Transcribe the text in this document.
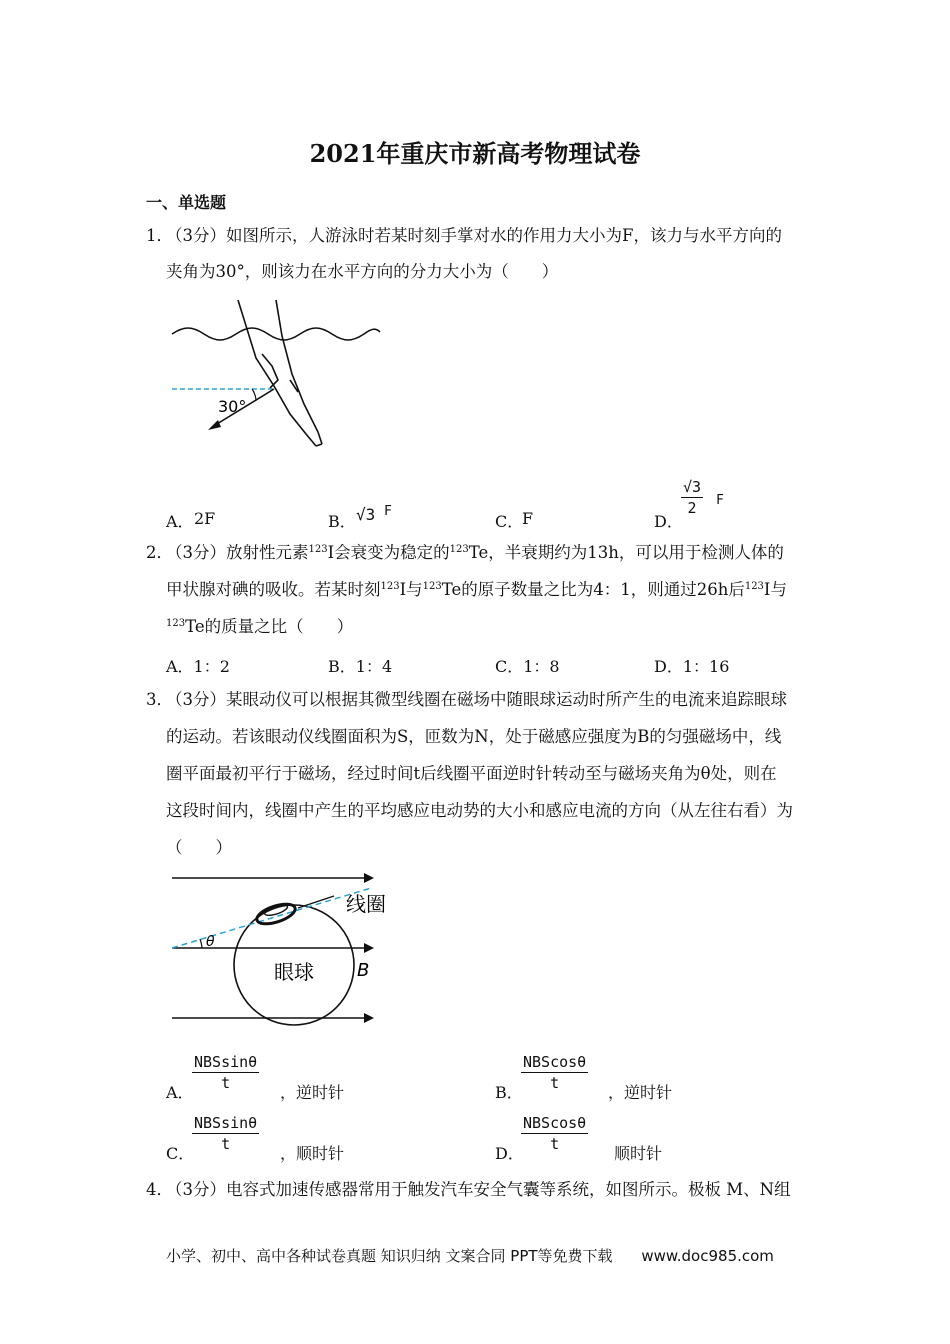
2021年重庆市新高考物理试卷
一、单选题
1．
（3分）如图所示，人游泳时若某时刻手掌对水的作用力大小为F，该力与水平方向的
夹角为30°，则该力在水平方向的分力大小为（　　）
30°
A． 2F	B． √3 F
C．
F	D．
$\frac{√3}{2}$ F
2．
（3分）放射性元素$^{123}$I会衰变为稳定的$^{123}$Te，半衰期约为13h，可以用于检测人体的
甲状腺对碘的吸收。若某时刻$^{123}$I与$^{123}$Te的原子数量之比为4：1，则通过26h后$^{123}$I与
$^{123}$Te的质量之比（　　）
A．1：2	B．1：4	C．1：8	D．1：16
3．
（3分）某眼动仪可以根据其微型线圈在磁场中随眼球运动时所产生的电流来追踪眼球
的运动。若该眼动仪线圈面积为S，匝数为N，处于磁感应强度为B的匀强磁场中，线
圈平面最初平行于磁场，经过时间t后线圈平面逆时针转动至与磁场夹角为θ处，则在
这段时间内，线圈中产生的平均感应电动势的大小和感应电流的方向（从左往右看）为
（　　）
θ
线圈
眼球 B
A．
NBSsinθ
t	，逆时针	B．
NBScosθ
t	，逆时针
C．
NBSsinθ
t	，顺时针	D．
NBScosθ
t	顺时针
4．
（3分）电容式加速传感器常用于触发汽车安全气囊等系统，如图所示。极板 M、N组
小学、初中、高中各种试卷真题 知识归纳 文案合同 PPT等免费下载 www.doc985.com
